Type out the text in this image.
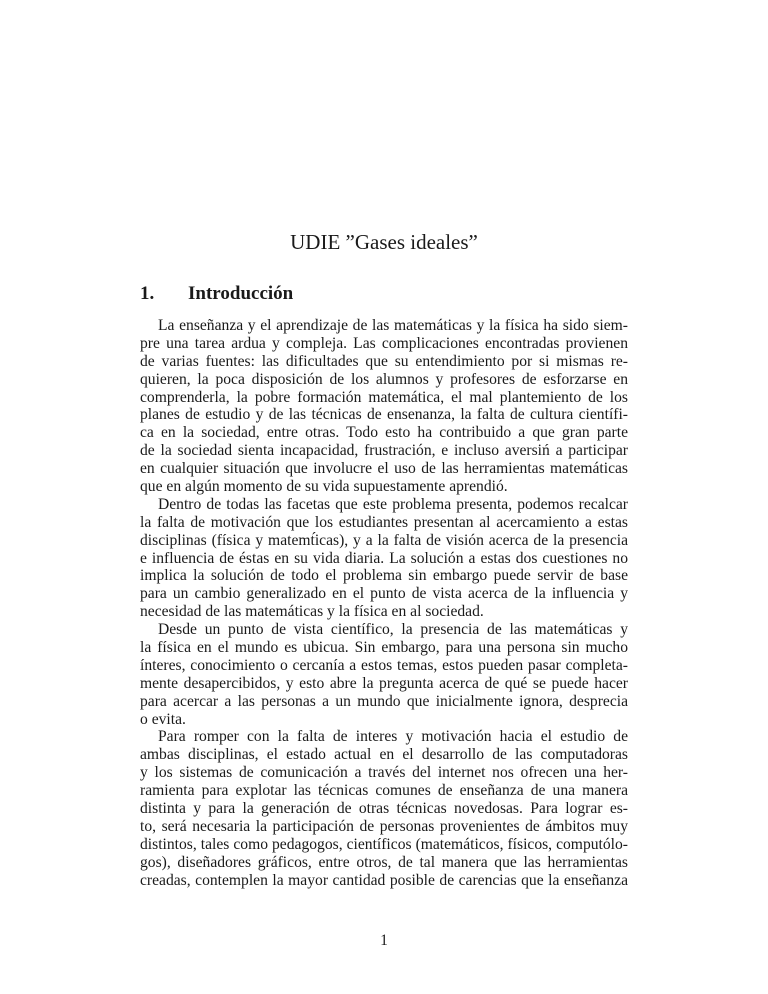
UDIE ”Gases ideales”
1. Introducción
La enseñanza y el aprendizaje de las matemáticas y la física ha sido siem-
pre una tarea ardua y compleja. Las complicaciones encontradas provienen
de varias fuentes: las dificultades que su entendimiento por si mismas re-
quieren, la poca disposición de los alumnos y profesores de esforzarse en
comprenderla, la pobre formación matemática, el mal plantemiento de los
planes de estudio y de las técnicas de ensenanza, la falta de cultura científi-
ca en la sociedad, entre otras. Todo esto ha contribuido a que gran parte
de la sociedad sienta incapacidad, frustración, e incluso aversiń a participar
en cualquier situación que involucre el uso de las herramientas matemáticas
que en algún momento de su vida supuestamente aprendió.
Dentro de todas las facetas que este problema presenta, podemos recalcar
la falta de motivación que los estudiantes presentan al acercamiento a estas
disciplinas (física y matemt́icas), y a la falta de visión acerca de la presencia
e influencia de éstas en su vida diaria. La solución a estas dos cuestiones no
implica la solución de todo el problema sin embargo puede servir de base
para un cambio generalizado en el punto de vista acerca de la influencia y
necesidad de las matemáticas y la física en al sociedad.
Desde un punto de vista científico, la presencia de las matemáticas y
la física en el mundo es ubicua. Sin embargo, para una persona sin mucho
ínteres, conocimiento o cercanía a estos temas, estos pueden pasar completa-
mente desapercibidos, y esto abre la pregunta acerca de qué se puede hacer
para acercar a las personas a un mundo que inicialmente ignora, desprecia
o evita.
Para romper con la falta de interes y motivación hacia el estudio de
ambas disciplinas, el estado actual en el desarrollo de las computadoras
y los sistemas de comunicación a través del internet nos ofrecen una her-
ramienta para explotar las técnicas comunes de enseñanza de una manera
distinta y para la generación de otras técnicas novedosas. Para lograr es-
to, será necesaria la participación de personas provenientes de ámbitos muy
distintos, tales como pedagogos, científicos (matemáticos, físicos, computólo-
gos), diseñadores gráficos, entre otros, de tal manera que las herramientas
creadas, contemplen la mayor cantidad posible de carencias que la enseñanza
1
